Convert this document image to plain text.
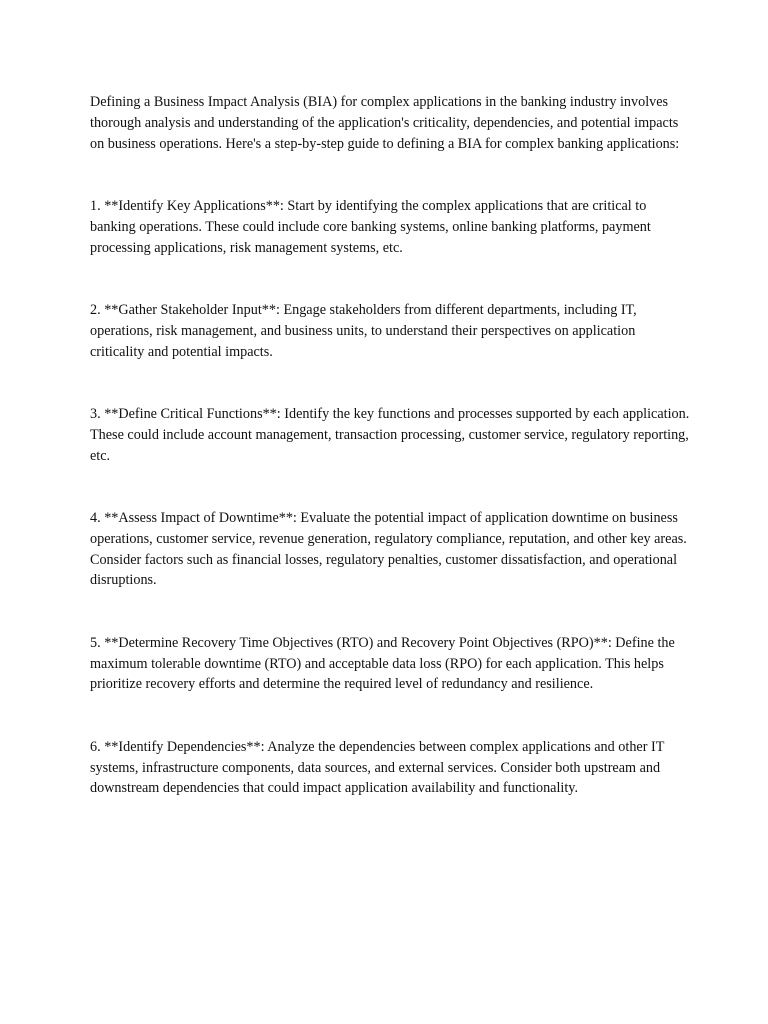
Defining a Business Impact Analysis (BIA) for complex applications in the banking industry involves thorough analysis and understanding of the application's criticality, dependencies, and potential impacts on business operations. Here's a step-by-step guide to defining a BIA for complex banking applications:

1. **Identify Key Applications**: Start by identifying the complex applications that are critical to banking operations. These could include core banking systems, online banking platforms, payment processing applications, risk management systems, etc.

2. **Gather Stakeholder Input**: Engage stakeholders from different departments, including IT, operations, risk management, and business units, to understand their perspectives on application criticality and potential impacts.

3. **Define Critical Functions**: Identify the key functions and processes supported by each application. These could include account management, transaction processing, customer service, regulatory reporting, etc.

4. **Assess Impact of Downtime**: Evaluate the potential impact of application downtime on business operations, customer service, revenue generation, regulatory compliance, reputation, and other key areas. Consider factors such as financial losses, regulatory penalties, customer dissatisfaction, and operational disruptions.

5. **Determine Recovery Time Objectives (RTO) and Recovery Point Objectives (RPO)**: Define the maximum tolerable downtime (RTO) and acceptable data loss (RPO) for each application. This helps prioritize recovery efforts and determine the required level of redundancy and resilience.

6. **Identify Dependencies**: Analyze the dependencies between complex applications and other IT systems, infrastructure components, data sources, and external services. Consider both upstream and downstream dependencies that could impact application availability and functionality.
